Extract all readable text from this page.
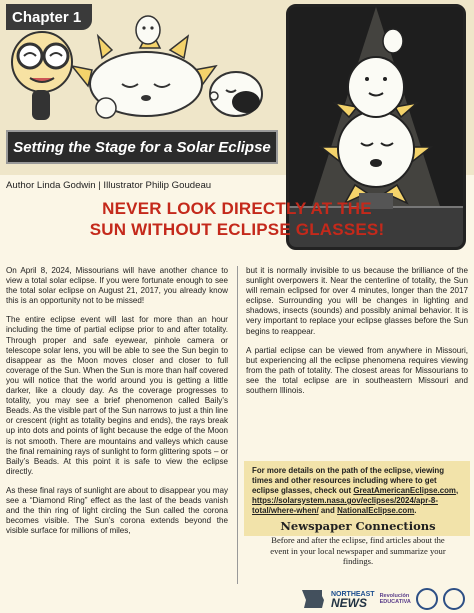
Chapter 1
Setting the Stage for a Solar Eclipse
Author Linda Godwin | Illustrator Philip Goudeau
NEVER LOOK DIRECTLY AT THE
SUN WITHOUT ECLIPSE GLASSES!

On April 8, 2024, Missourians will have another chance to view a total solar eclipse. If you were fortunate enough to see the total solar eclipse on August 21, 2017, you already know this is an opportunity not to be missed!

The entire eclipse event will last for more than an hour including the time of partial eclipse prior to and after totality. Through proper and safe eyewear, pinhole camera or telescope solar lens, you will be able to see the Sun begin to disappear as the Moon moves closer and closer to full coverage of the Sun. When the Sun is more than half covered you will notice that the world around you is getting a little darker, like a cloudy day. As the coverage progresses to totality, you may see a brief phenomenon called Baily’s Beads. As the visible part of the Sun narrows to just a thin line or crescent (right as totality begins and ends), the rays break up into dots and points of light because the edge of the Moon is not smooth. There are mountains and valleys which cause the final remaining rays of sunlight to form glittering spots – or Baily’s Beads. At this point it is safe to view the eclipse directly.

As these final rays of sunlight are about to disappear you may see a “Diamond Ring” effect as the last of the beads vanish and the thin ring of light circling the Sun called the corona becomes visible. The Sun’s corona extends beyond the visible surface for millions of miles,

but it is normally invisible to us because the brilliance of the sunlight overpowers it. Near the centerline of totality, the Sun will remain eclipsed for over 4 minutes, longer than the 2017 eclipse. Surrounding you will be changes in lighting and shadows, insects (sounds) and possibly animal behavior. It is very important to replace your eclipse glasses before the Sun begins to reappear.

A partial eclipse can be viewed from anywhere in Missouri, but experiencing all the eclipse phenomena requires viewing from the path of totality. The closest areas for Missourians to see the total eclipse are in southeastern Missouri and southern Illinois.

For more details on the path of the eclipse, viewing times and other resources including where to get eclipse glasses, check out GreatAmericanEclipse.com, https://solarsystem.nasa.gov/eclipses/2024/apr-8-total/where-when/ and NationalEclipse.com.
Newspaper Connections
Before and after the eclipse, find articles about the event in your local newspaper and summarize your findings.
NORTHEAST
NEWS	Revolución
EDUCATIVA
